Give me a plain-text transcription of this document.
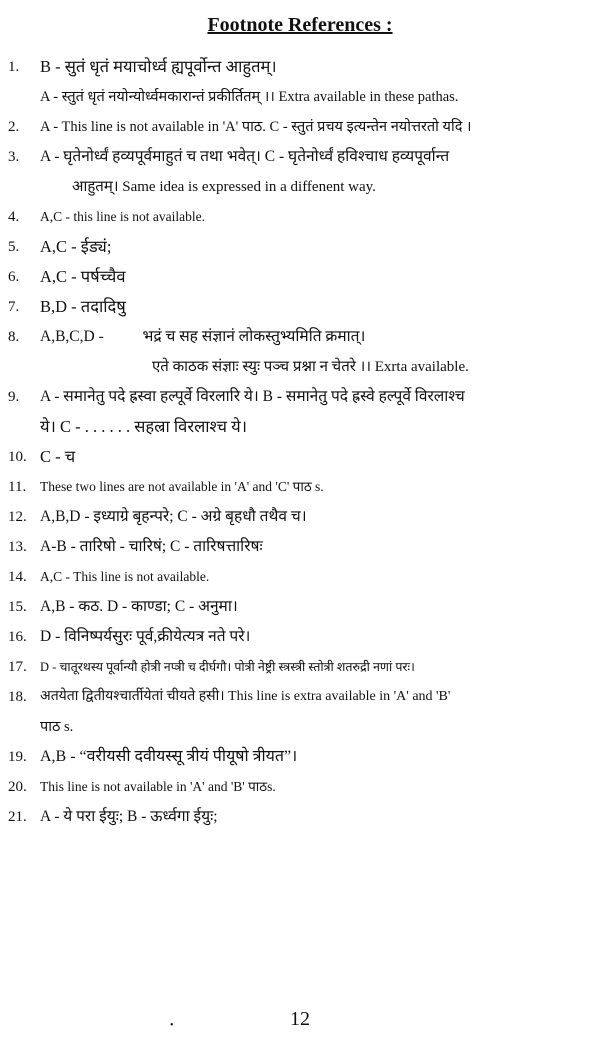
Footnote References :
1.	B - सुतं धृतं मयाचोर्ध्व ह्यपूर्वोन्त आहुतम्।
A - स्तुतं धृतं नयोन्योर्ध्वमकारान्तं प्रकीर्तितम् ।। Extra available in these pathas.
2.	A - This line is not available in 'A' पाठ. C - स्तुतं प्रचय इत्यन्तेन नयोत्तरतो यदि ।
3.	A - घृतेनोर्ध्वं हव्यपूर्वमाहुतं च तथा भवेत्। C - घृतेनोर्ध्वं हविश्चाध हव्यपूर्वान्त
आहुतम्। Same idea is expressed in a diffenent way.
4.	A,C - this line is not available.
5.	A,C - ईड्यं;
6.	A,C - पर्षच्चैव
7.	B,D - तदादिषु
8.	A,B,C,D -          भद्रं च सह संज्ञानं लोकस्तुभ्यमिति क्रमात्।
एते काठक संज्ञाः स्युः पञ्च प्रश्ना न चेतरे ।। Exrta available.
9.	A - समानेतु पदे ह्रस्वा हल्पूर्वे विरलारि ये। B - समानेतु पदे ह्रस्वे हल्पूर्वे विरलाश्च
ये। C - . . . . . . सहल्रा विरलाश्च ये।
10. C - च
11.	These two lines are not available in 'A' and 'C' पाठ s.
12. A,B,D - इध्याग्रे बृहन्परे; C - अग्रे बृहधौ तथैव च।
13. A-B - तारिषो - चारिषं; C - तारिषत्तारिषः
14. A,C - This line is not available.
15. A,B - कठ. D - काण्डा; C - अनुमा।
16. D - विनिष्पर्यसुरः पूर्व,क्रीयेत्यत्र नते परे।
17.	D - चातूरथस्य पूर्वान्यौ होत्री नप्त्री च दीर्घगौ। पोत्री नेष्ट्री स्त्रस्त्री स्तोत्री शतरुद्री नणां परः।
18. अतयेता द्वितीयश्चार्तीयेतां चीयते हसी। This line is extra available in 'A' and 'B'
पाठ s.
19. A,B - “वरीयसी दवीयस्सू त्रीयं पीयूषो त्रीयत”।
20. This line is not available in 'A' and 'B' पाठs.
21. A - ये परा ईयुः; B - ऊर्ध्वगा ईयुः;
•	12
